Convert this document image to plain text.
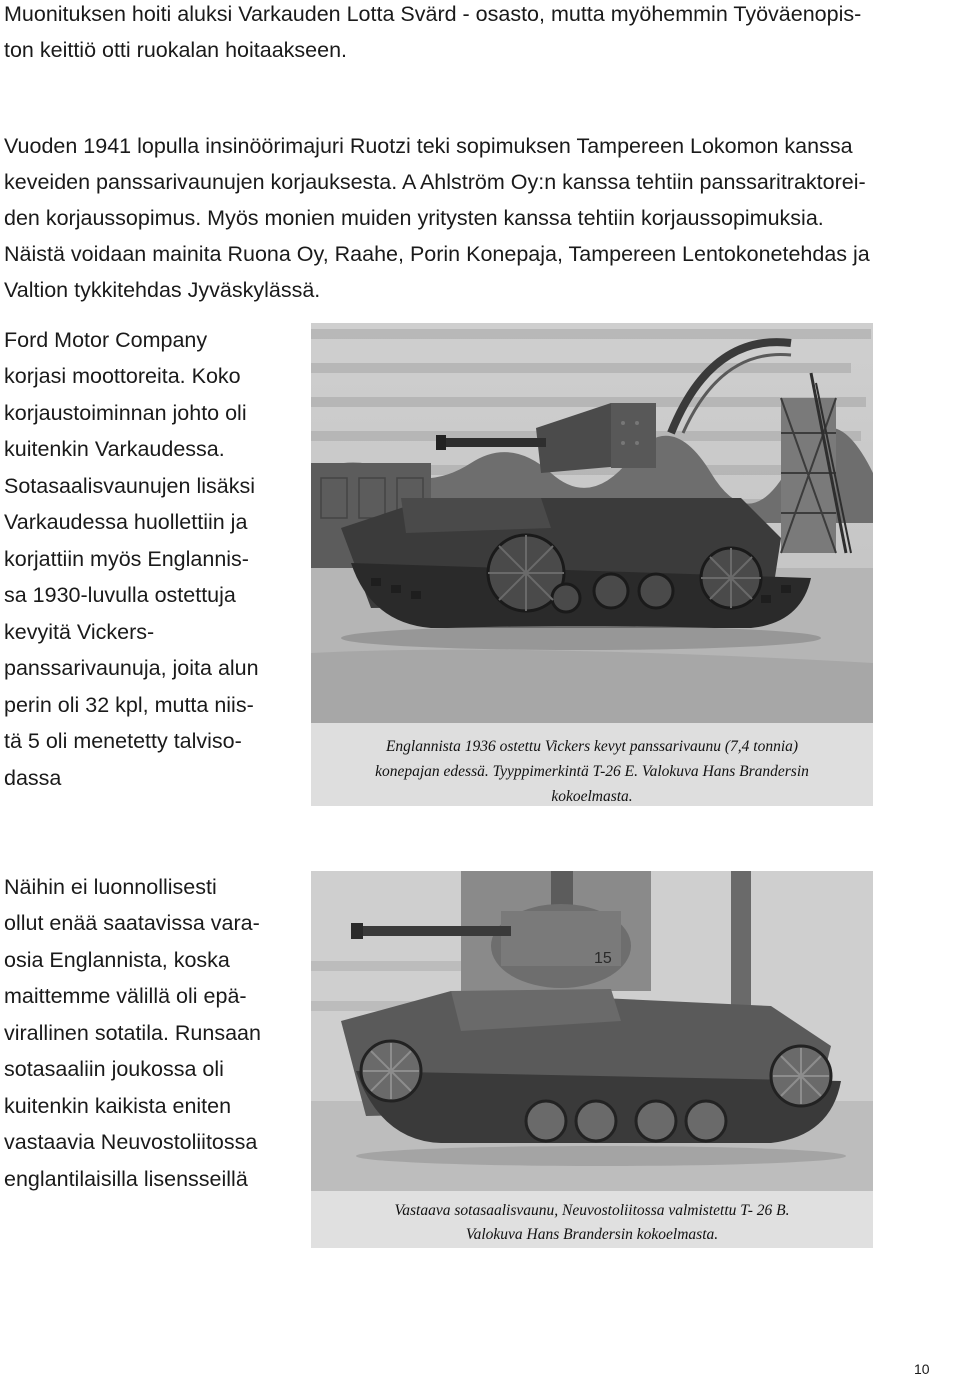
Muonituksen hoiti aluksi Varkauden Lotta Svärd - osasto, mutta myöhemmin Työväenopis-
ton keittiö otti ruokalan hoitaakseen.
Vuoden 1941 lopulla insinöörimajuri Ruotzi teki sopimuksen Tampereen Lokomon kanssa
keveiden panssarivaunujen korjauksesta. A Ahlström Oy:n kanssa tehtiin panssaritraktorei-
den korjaussopimus. Myös monien muiden yritysten kanssa tehtiin korjaussopimuksia.
Näistä voidaan mainita Ruona Oy, Raahe, Porin Konepaja, Tampereen Lentokonetehdas ja
Valtion tykkitehdas Jyväskylässä.
Ford Motor Company
korjasi moottoreita. Koko
korjaustoiminnan johto oli
kuitenkin Varkaudessa.
Sotasaalisvaunujen lisäksi
Varkaudessa huollettiin ja
korjattiin myös Englannis-
sa 1930-luvulla ostettuja
kevyitä Vickers-
panssarivaunuja, joita alun
perin oli 32 kpl, mutta niis-
tä 5 oli menetetty talviso-
dassa
Näihin ei luonnollisesti
ollut enää saatavissa vara-
osia Englannista, koska
maittemme välillä oli epä-
virallinen sotatila. Runsaan
sotasaaliin joukossa oli
kuitenkin kaikista eniten
vastaavia Neuvostoliitossa
englantilaisilla lisensseillä
Englannista 1936 ostettu Vickers kevyt panssarivaunu (7,4 tonnia)
konepajan edessä. Tyyppimerkintä T-26 E. Valokuva Hans Brandersin
kokoelmasta.
15
Vastaava sotasaalisvaunu, Neuvostoliitossa valmistettu T- 26 B.
Valokuva Hans Brandersin kokoelmasta.
10
